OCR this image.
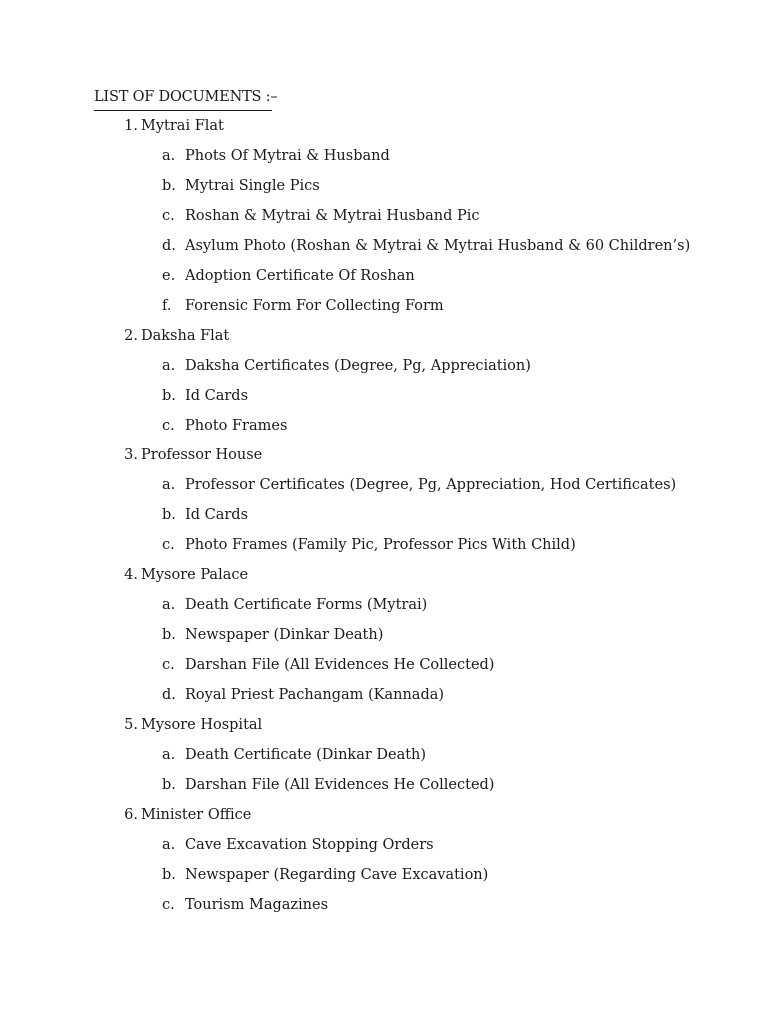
LIST OF DOCUMENTS :–
1. Mytrai Flat
a. Phots Of Mytrai & Husband
b. Mytrai Single Pics
c. Roshan & Mytrai & Mytrai Husband Pic
d. Asylum Photo (Roshan & Mytrai & Mytrai Husband & 60 Children’s)
e. Adoption Certificate Of Roshan
f. Forensic Form For Collecting Form
2. Daksha Flat
a. Daksha Certificates (Degree, Pg, Appreciation)
b. Id Cards
c. Photo Frames
3. Professor House
a. Professor Certificates (Degree, Pg, Appreciation, Hod Certificates)
b. Id Cards
c. Photo Frames (Family Pic, Professor Pics With Child)
4. Mysore Palace
a. Death Certificate Forms (Mytrai)
b. Newspaper (Dinkar Death)
c. Darshan File (All Evidences He Collected)
d. Royal Priest Pachangam (Kannada)
5. Mysore Hospital
a. Death Certificate (Dinkar Death)
b. Darshan File (All Evidences He Collected)
6. Minister Office
a. Cave Excavation Stopping Orders
b. Newspaper (Regarding Cave Excavation)
c. Tourism Magazines
